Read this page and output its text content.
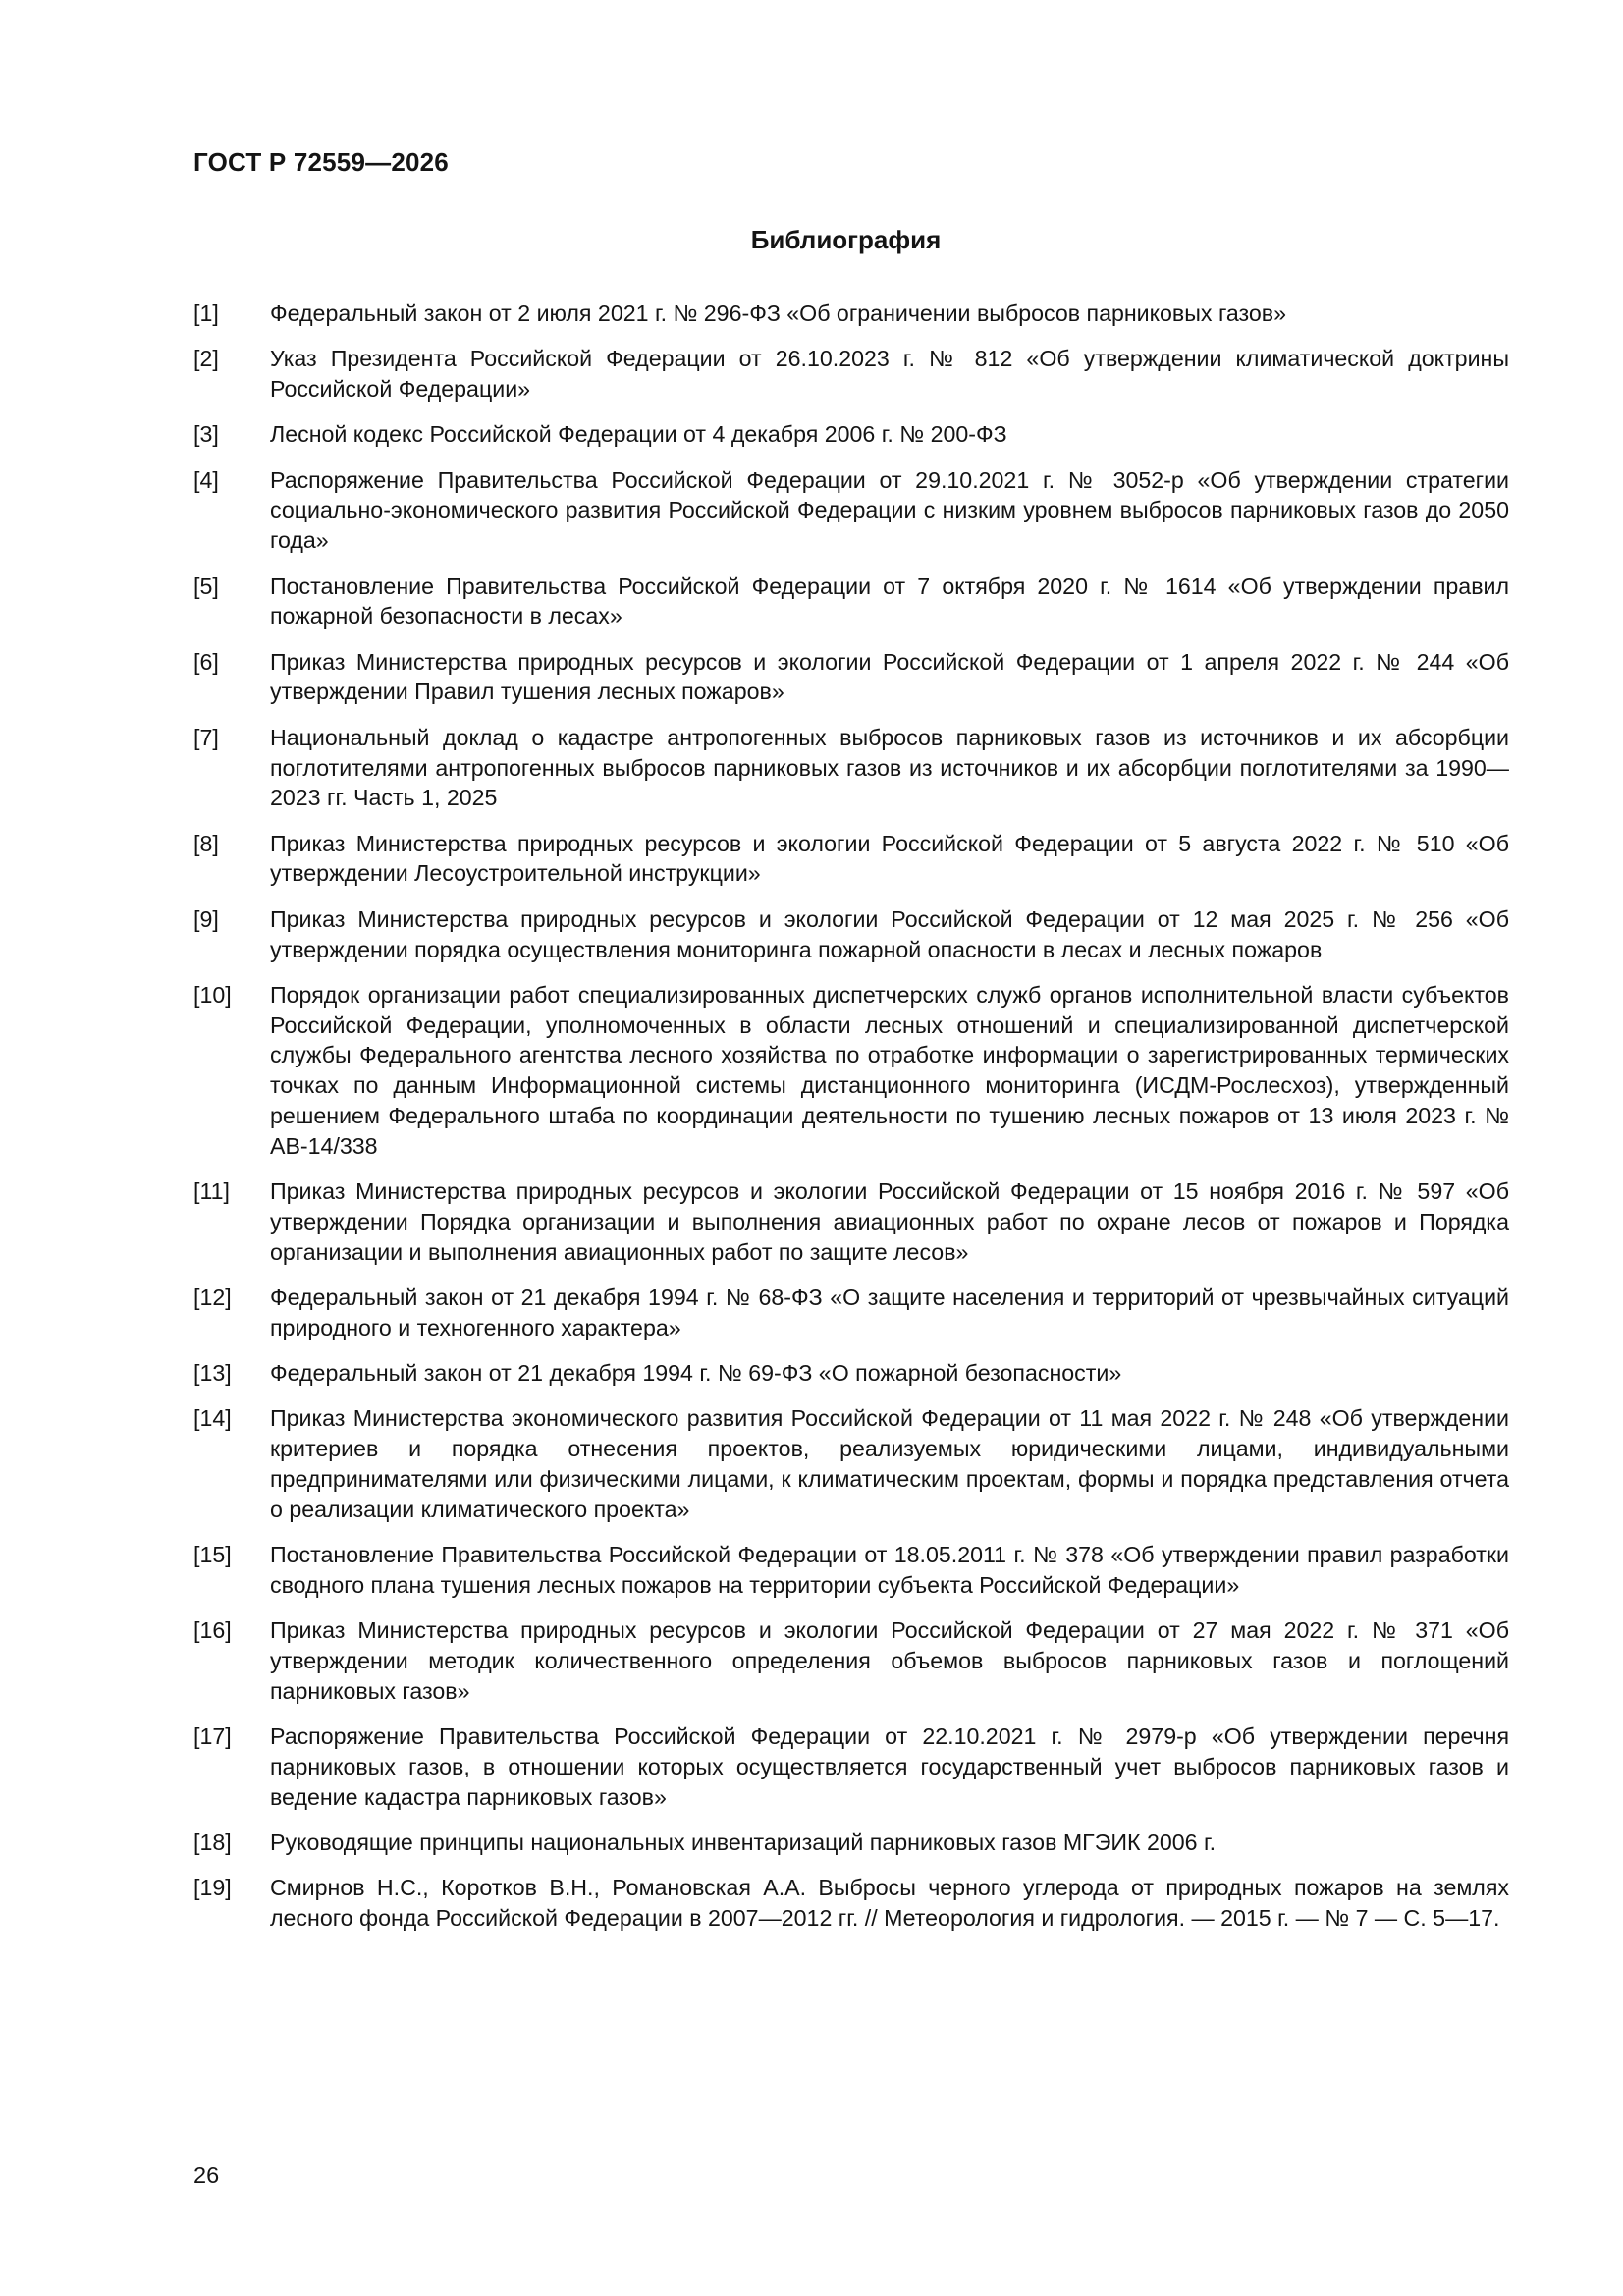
ГОСТ Р 72559—2026
Библиография
[1] Федеральный закон от 2 июля 2021 г. № 296-ФЗ «Об ограничении выбросов парниковых газов»
[2] Указ Президента Российской Федерации от 26.10.2023 г. № 812 «Об утверждении климатической доктрины Российской Федерации»
[3] Лесной кодекс Российской Федерации от 4 декабря 2006 г. № 200-ФЗ
[4] Распоряжение Правительства Российской Федерации от 29.10.2021 г. № 3052-р «Об утверждении стратегии социально-экономического развития Российской Федерации с низким уровнем выбросов парниковых газов до 2050 года»
[5] Постановление Правительства Российской Федерации от 7 октября 2020 г. № 1614 «Об утверждении правил пожарной безопасности в лесах»
[6] Приказ Министерства природных ресурсов и экологии Российской Федерации от 1 апреля 2022 г. № 244 «Об утверждении Правил тушения лесных пожаров»
[7] Национальный доклад о кадастре антропогенных выбросов парниковых газов из источников и их абсорбции поглотителями антропогенных выбросов парниковых газов из источников и их абсорбции поглотителями за 1990—2023 гг. Часть 1, 2025
[8] Приказ Министерства природных ресурсов и экологии Российской Федерации от 5 августа 2022 г. № 510 «Об утверждении Лесоустроительной инструкции»
[9] Приказ Министерства природных ресурсов и экологии Российской Федерации от 12 мая 2025 г. № 256 «Об утверждении порядка осуществления мониторинга пожарной опасности в лесах и лесных пожаров
[10] Порядок организации работ специализированных диспетчерских служб органов исполнительной власти субъектов Российской Федерации, уполномоченных в области лесных отношений и специализированной диспетчерской службы Федерального агентства лесного хозяйства по отработке информации о зарегистрированных термических точках по данным Информационной системы дистанционного мониторинга (ИСДМ-Рослесхоз), утвержденный решением Федерального штаба по координации деятельности по тушению лесных пожаров от 13 июля 2023 г. № АВ-14/338
[11] Приказ Министерства природных ресурсов и экологии Российской Федерации от 15 ноября 2016 г. № 597 «Об утверждении Порядка организации и выполнения авиационных работ по охране лесов от пожаров и Порядка организации и выполнения авиационных работ по защите лесов»
[12] Федеральный закон от 21 декабря 1994 г. № 68-ФЗ «О защите населения и территорий от чрезвычайных ситуаций природного и техногенного характера»
[13] Федеральный закон от 21 декабря 1994 г. № 69-ФЗ «О пожарной безопасности»
[14] Приказ Министерства экономического развития Российской Федерации от 11 мая 2022 г. № 248 «Об утверждении критериев и порядка отнесения проектов, реализуемых юридическими лицами, индивидуальными предпринимателями или физическими лицами, к климатическим проектам, формы и порядка представления отчета о реализации климатического проекта»
[15] Постановление Правительства Российской Федерации от 18.05.2011 г. № 378 «Об утверждении правил разработки сводного плана тушения лесных пожаров на территории субъекта Российской Федерации»
[16] Приказ Министерства природных ресурсов и экологии Российской Федерации от 27 мая 2022 г. № 371 «Об утверждении методик количественного определения объемов выбросов парниковых газов и поглощений парниковых газов»
[17] Распоряжение Правительства Российской Федерации от 22.10.2021 г. № 2979-р «Об утверждении перечня парниковых газов, в отношении которых осуществляется государственный учет выбросов парниковых газов и ведение кадастра парниковых газов»
[18] Руководящие принципы национальных инвентаризаций парниковых газов МГЭИК 2006 г.
[19] Смирнов Н.С., Коротков В.Н., Романовская А.А. Выбросы черного углерода от природных пожаров на землях лесного фонда Российской Федерации в 2007—2012 гг. // Метеорология и гидрология. — 2015 г. — № 7 — С. 5—17.
26
